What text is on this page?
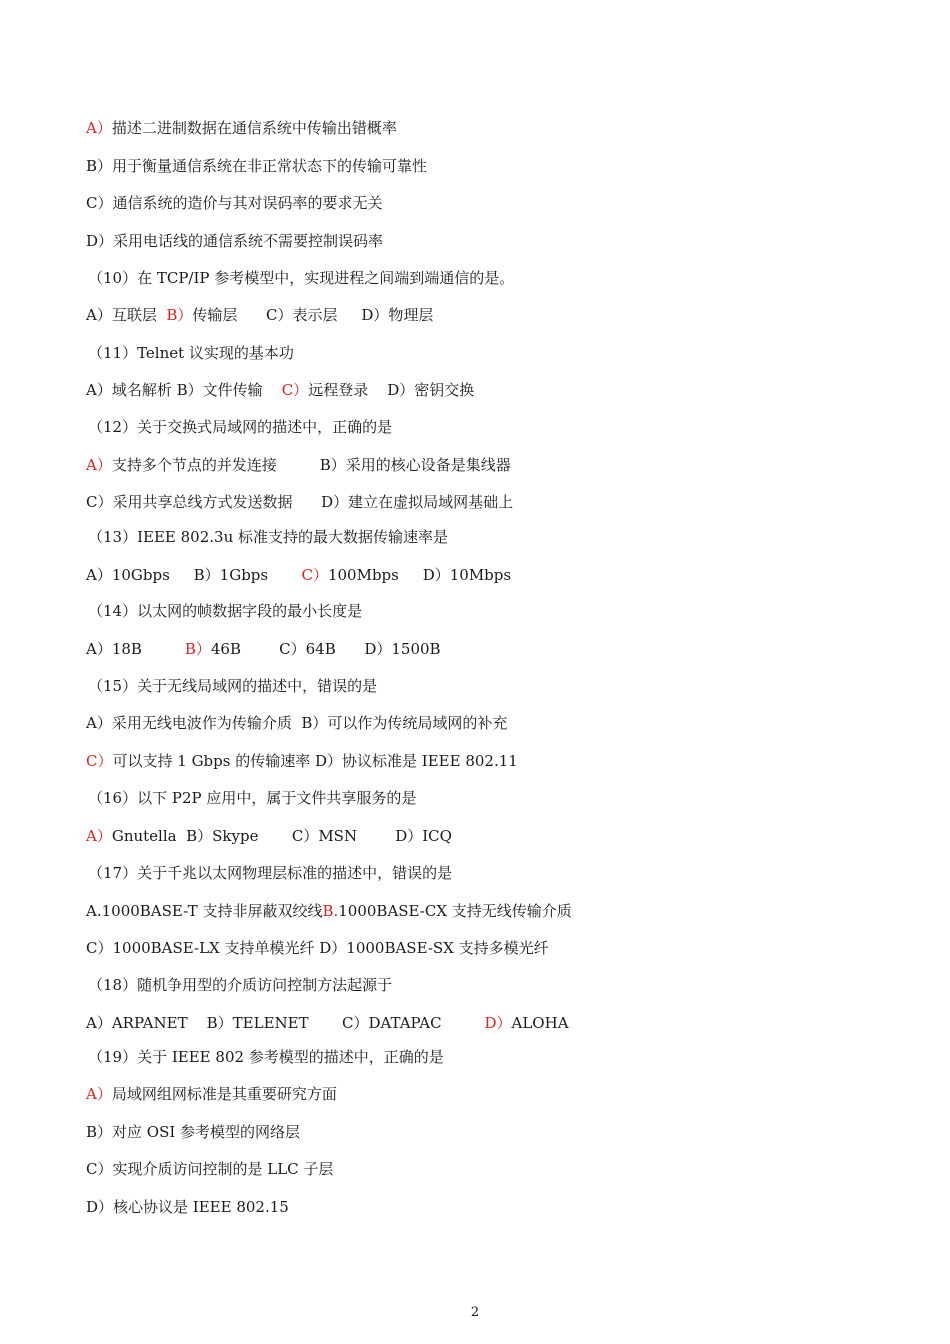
A）描述二进制数据在通信系统中传输出错概率
B）用于衡量通信系统在非正常状态下的传输可靠性
C）通信系统的造价与其对误码率的要求无关
D）采用电话线的通信系统不需要控制误码率
（10）在 TCP/IP 参考模型中，实现进程之间端到端通信的是。
A）互联层  B）传输层      C）表示层     D）物理层
（11）Telnet 议实现的基本功
A）域名解析 B）文件传输    C）远程登录    D）密钥交换
（12）关于交换式局域网的描述中，正确的是
A）支持多个节点的并发连接         B）采用的核心设备是集线器
C）采用共享总线方式发送数据      D）建立在虚拟局域网基础上
（13）IEEE 802.3u 标准支持的最大数据传输速率是
A）10Gbps     B）1Gbps       C）100Mbps     D）10Mbps
（14）以太网的帧数据字段的最小长度是
A）18B         B）46B        C）64B      D）1500B
（15）关于无线局域网的描述中，错误的是
A）采用无线电波作为传输介质  B）可以作为传统局域网的补充
C）可以支持 1 Gbps 的传输速率 D）协议标准是 IEEE 802.11
（16）以下 P2P 应用中，属于文件共享服务的是
A）Gnutella  B）Skype       C）MSN        D）ICQ
（17）关于千兆以太网物理层标准的描述中，错误的是
A.1000BASE-T 支持非屏蔽双绞线B.1000BASE-CX 支持无线传输介质
C）1000BASE-LX 支持单模光纤 D）1000BASE-SX 支持多模光纤
（18）随机争用型的介质访问控制方法起源于
A）ARPANET    B）TELENET       C）DATAPAC         D）ALOHA
（19）关于 IEEE 802 参考模型的描述中，正确的是
A）局域网组网标准是其重要研究方面
B）对应 OSI 参考模型的网络层
C）实现介质访问控制的是 LLC 子层
D）核心协议是 IEEE 802.15
2
